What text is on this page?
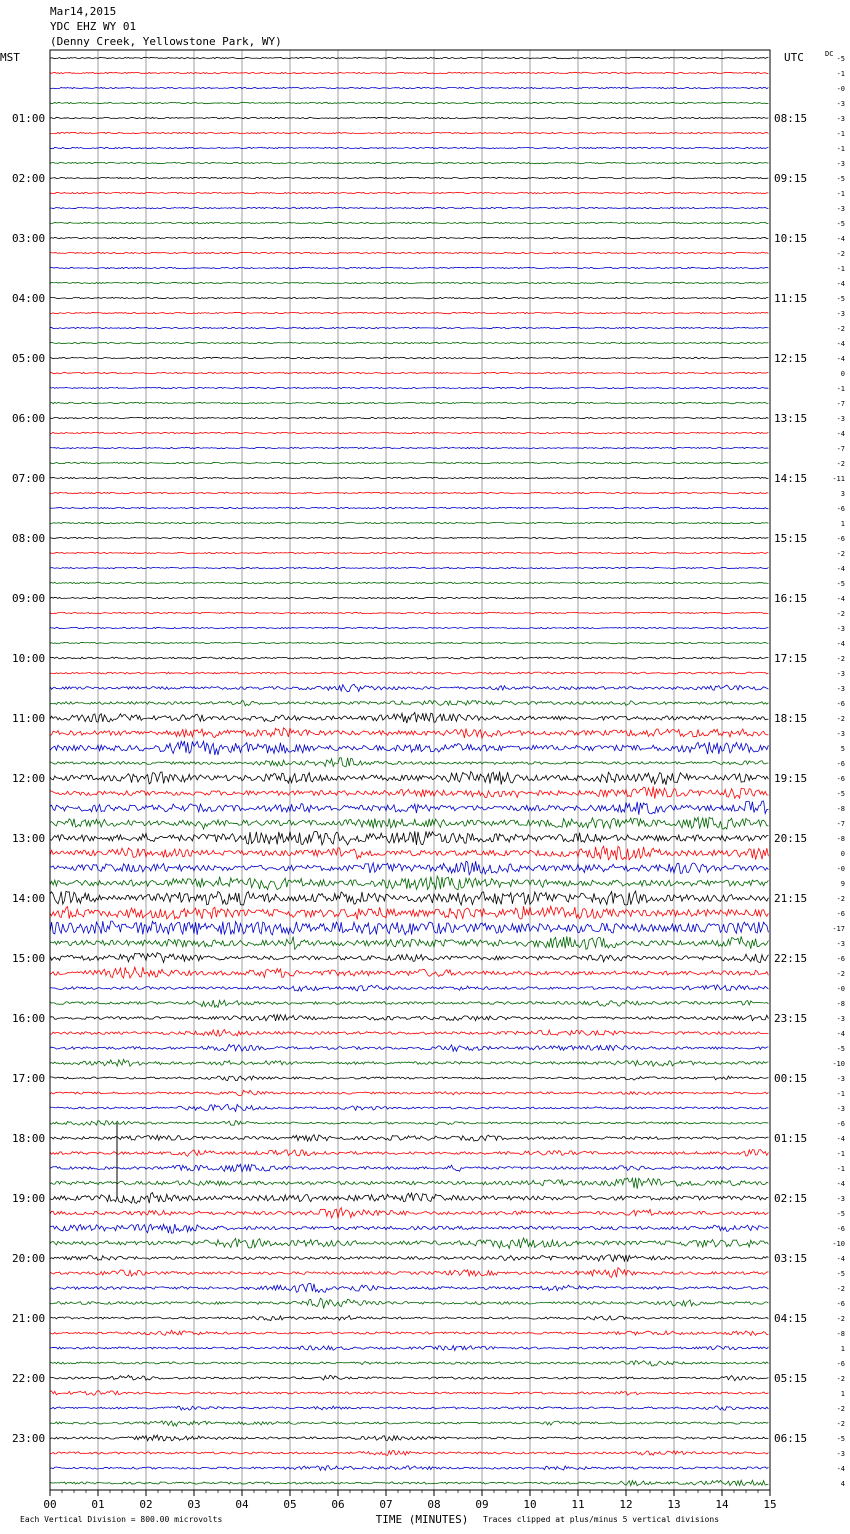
Mar14,2015
YDC EHZ WY 01
(Denny Creek, Yellowstone Park, WY)
MST	UTC	DC
01:00
02:00
03:00
04:00
05:00
06:00
07:00
08:00
09:00
10:00
11:00
12:00
13:00
14:00
15:00
16:00
17:00
18:00
19:00
20:00
21:00
22:00
23:00
08:15
09:15
10:15
11:15
12:15
13:15
14:15
15:15
16:15
17:15
18:15
19:15
20:15
21:15
22:15
23:15
00:15
01:15
02:15
03:15
04:15
05:15
06:15
-5
-1
-0
-3
-3
-1
-1
-3
-5
-1
-3
-5
-4
-2
-1
-4
-5
-3
-2
-4
-4
0
-1
-7
-3
-4
-7
-2
-11
3
-6
1
-6
-2
-4
-5
-4
-2
-3
-4
-2
-3
-3
-6
-2
-3
5
-6
-6
-5
-8
-7
-8
0
-0
9
-2
-6
-17
-3
-6
-2
-0
-8
-3
-4
-5
-10
-3
-1
-3
-6
-4
-1
-1
-4
-3
-5
-6
-10
-4
-5
-2
-6
-2
-8
1
-6
-2
1
-2
-2
-5
-3
-4
4
00	01	02	03	04	05	06	07	08	09	10	11	12	13	14	15
TIME (MINUTES)
Each Vertical Division = 800.00 microvolts	Traces clipped at plus/minus 5 vertical divisions
